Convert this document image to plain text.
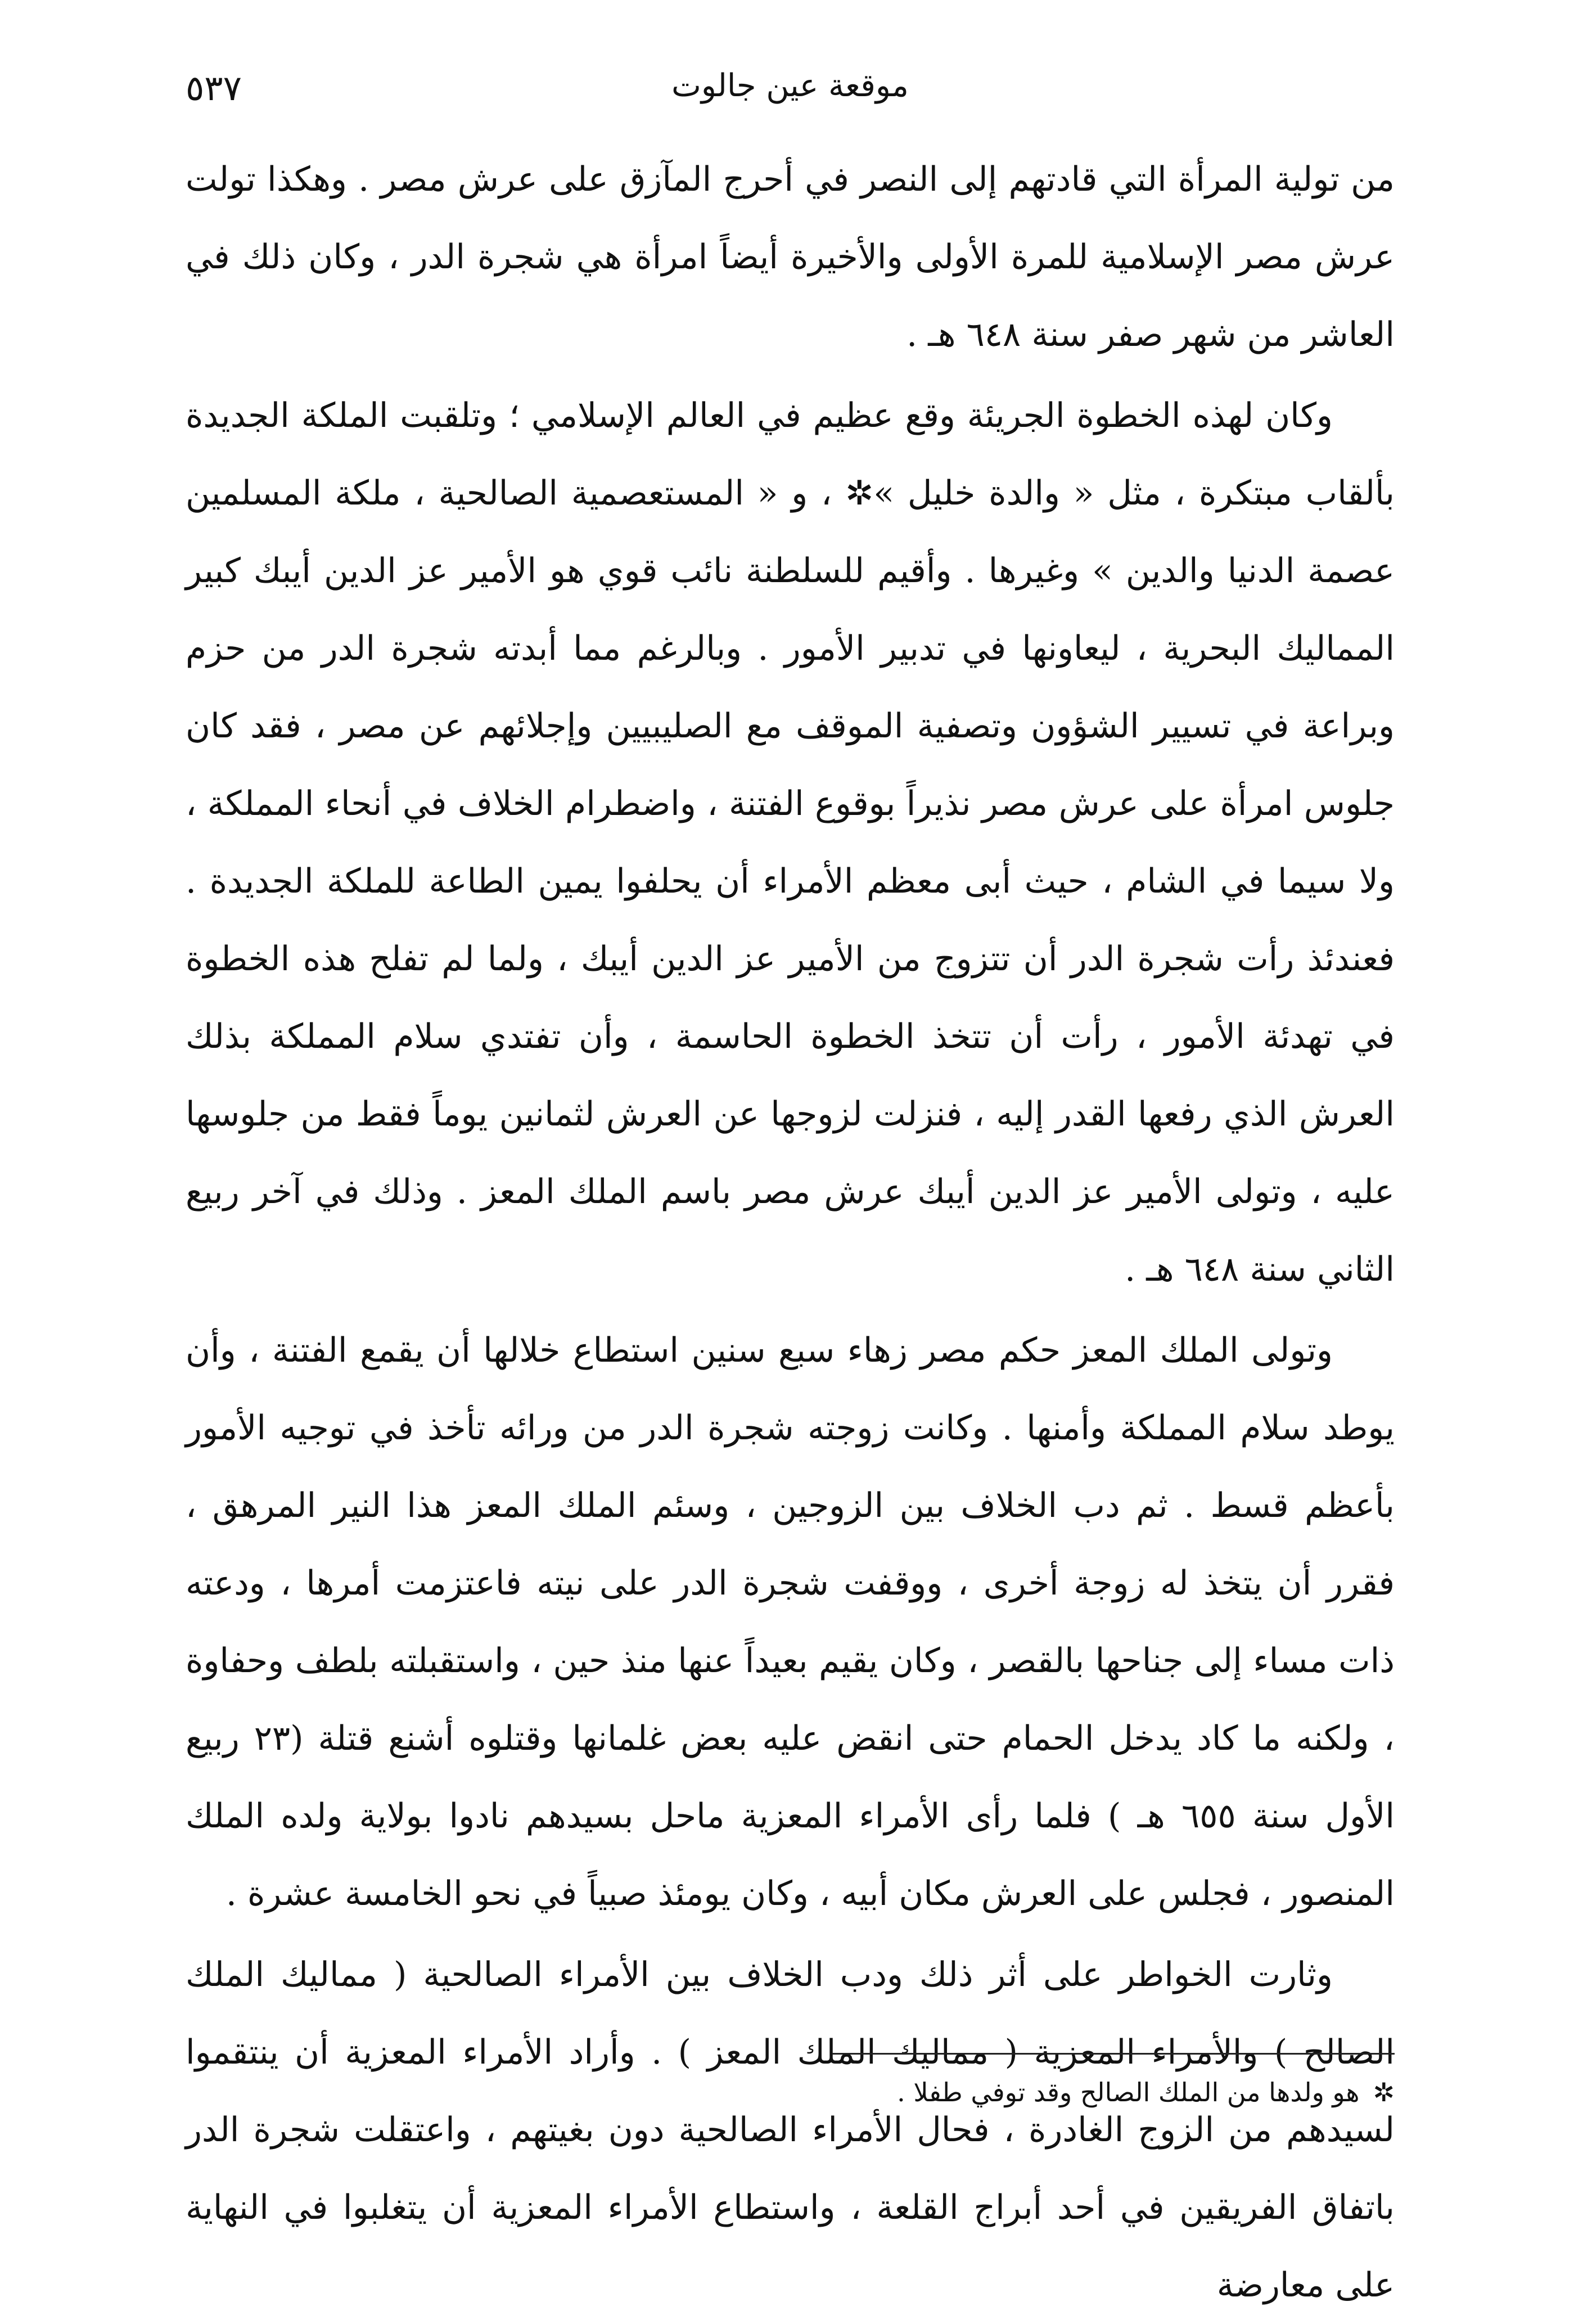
موقعة عين جالوت
٥٣٧

من تولية المرأة التي قادتهم إلى النصر في أحرج المآزق على عرش مصر . وهكذا تولت عرش مصر الإسلامية للمرة الأولى والأخيرة أيضاً امرأة هي شجرة الدر ، وكان ذلك في العاشر من شهر صفر سنة ٦٤٨ هـ .

وكان لهذه الخطوة الجريئة وقع عظيم في العالم الإسلامي ؛ وتلقبت الملكة الجديدة بألقاب مبتكرة ، مثل « والدة خليل »✲ ، و « المستعصمية الصالحية ، ملكة المسلمين عصمة الدنيا والدين » وغيرها . وأقيم للسلطنة نائب قوي هو الأمير عز الدين أيبك كبير المماليك البحرية ، ليعاونها في تدبير الأمور . وبالرغم مما أبدته شجرة الدر من حزم وبراعة في تسيير الشؤون وتصفية الموقف مع الصليبيين وإجلائهم عن مصر ، فقد كان جلوس امرأة على عرش مصر نذيراً بوقوع الفتنة ، واضطرام الخلاف في أنحاء المملكة ، ولا سيما في الشام ، حيث أبى معظم الأمراء أن يحلفوا يمين الطاعة للملكة الجديدة . فعندئذ رأت شجرة الدر أن تتزوج من الأمير عز الدين أيبك ، ولما لم تفلح هذه الخطوة في تهدئة الأمور ، رأت أن تتخذ الخطوة الحاسمة ، وأن تفتدي سلام المملكة بذلك العرش الذي رفعها القدر إليه ، فنزلت لزوجها عن العرش لثمانين يوماً فقط من جلوسها عليه ، وتولى الأمير عز الدين أيبك عرش مصر باسم الملك المعز . وذلك في آخر ربيع الثاني سنة ٦٤٨ هـ .

وتولى الملك المعز حكم مصر زهاء سبع سنين استطاع خلالها أن يقمع الفتنة ، وأن يوطد سلام المملكة وأمنها . وكانت زوجته شجرة الدر من ورائه تأخذ في توجيه الأمور بأعظم قسط . ثم دب الخلاف بين الزوجين ، وسئم الملك المعز هذا النير المرهق ، فقرر أن يتخذ له زوجة أخرى ، ووقفت شجرة الدر على نيته فاعتزمت أمرها ، ودعته ذات مساء إلى جناحها بالقصر ، وكان يقيم بعيداً عنها منذ حين ، واستقبلته بلطف وحفاوة ، ولكنه ما كاد يدخل الحمام حتى انقض عليه بعض غلمانها وقتلوه أشنع قتلة (٢٣ ربيع الأول سنة ٦٥٥ هـ ) فلما رأى الأمراء المعزية ماحل بسيدهم نادوا بولاية ولده الملك المنصور ، فجلس على العرش مكان أبيه ، وكان يومئذ صبياً في نحو الخامسة عشرة .

وثارت الخواطر على أثر ذلك ودب الخلاف بين الأمراء الصالحية ( مماليك الملك الصالح ) والأمراء المعزية ( مماليك الملك المعز ) . وأراد الأمراء المعزية أن ينتقموا لسيدهم من الزوج الغادرة ، فحال الأمراء الصالحية دون بغيتهم ، واعتقلت شجرة الدر باتفاق الفريقين في أحد أبراج القلعة ، واستطاع الأمراء المعزية أن يتغلبوا في النهاية على معارضة

✲هو ولدها من الملك الصالح وقد توفي طفلا .
